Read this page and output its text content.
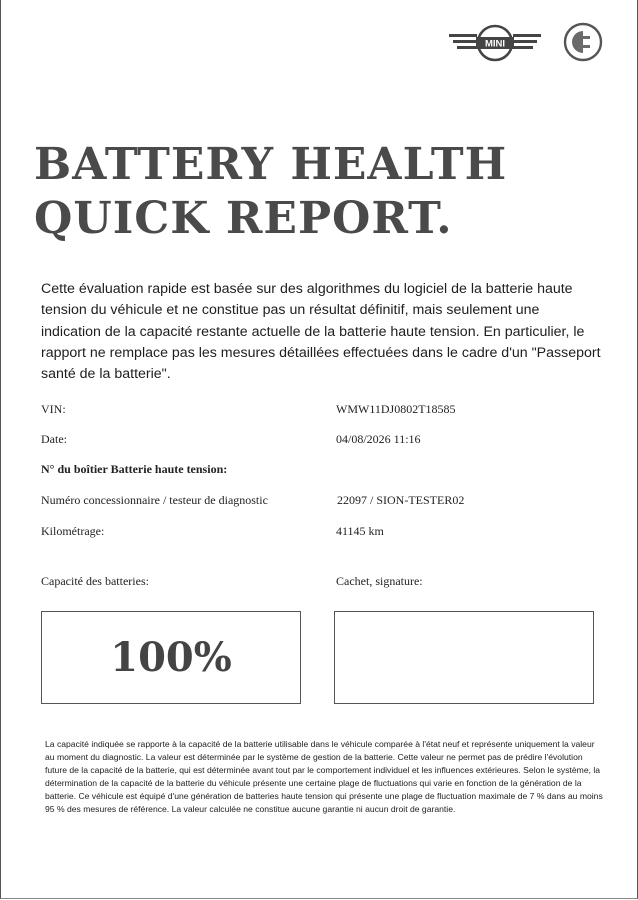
MINI
BATTERY HEALTH
QUICK REPORT.

Cette évaluation rapide est basée sur des algorithmes du logiciel de la batterie haute tension du véhicule et ne constitue pas un résultat définitif, mais seulement une indication de la capacité restante actuelle de la batterie haute tension. En particulier, le rapport ne remplace pas les mesures détaillées effectuées dans le cadre d'un "Passeport santé de la batterie".

VIN:	WMW11DJ0802T18585

Date:	04/08/2026 11:16

N° du boîtier Batterie haute tension:

Numéro concessionnaire / testeur de diagnostic	22097 / SION-TESTER02

Kilométrage:	41145 km

Capacité des batteries:	Cachet, signature:

100%

La capacité indiquée se rapporte à la capacité de la batterie utilisable dans le véhicule comparée à l'état neuf et représente uniquement la valeur au moment du diagnostic. La valeur est déterminée par le système de gestion de la batterie. Cette valeur ne permet pas de prédire l'évolution future de la capacité de la batterie, qui est déterminée avant tout par le comportement individuel et les influences extérieures. Selon le système, la détermination de la capacité de la batterie du véhicule présente une certaine plage de fluctuations qui varie en fonction de la génération de la batterie. Ce véhicule est équipé d'une génération de batteries haute tension qui présente une plage de fluctuation maximale de 7 % dans au moins 95 % des mesures de référence. La valeur calculée ne constitue aucune garantie ni aucun droit de garantie.
